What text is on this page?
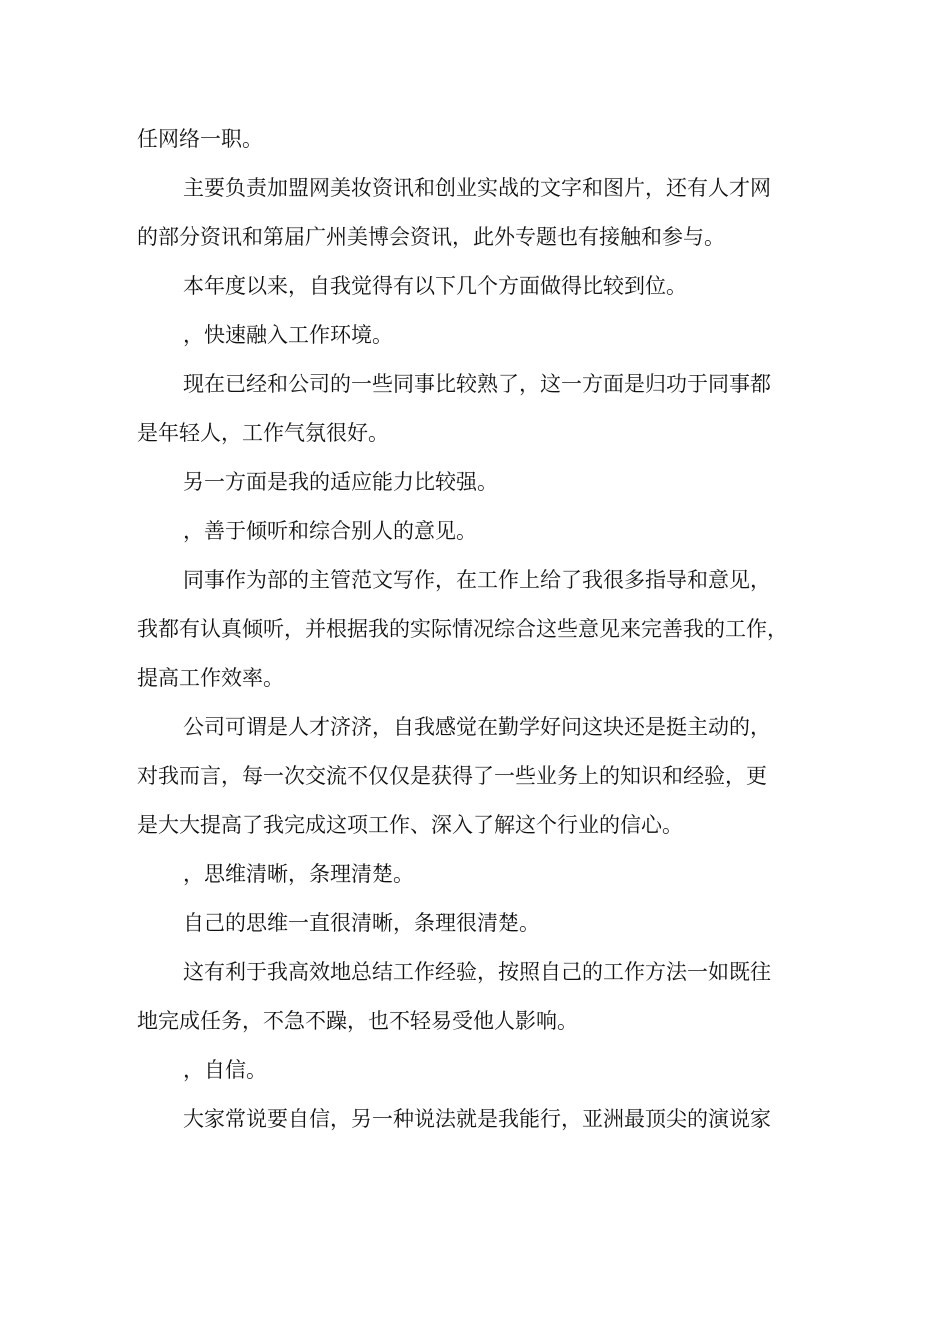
任网络一职。
主要负责加盟网美妆资讯和创业实战的文字和图片，还有人才网
的部分资讯和第届广州美博会资讯，此外专题也有接触和参与。
本年度以来，自我觉得有以下几个方面做得比较到位。
，快速融入工作环境。
现在已经和公司的一些同事比较熟了，这一方面是归功于同事都
是年轻人，工作气氛很好。
另一方面是我的适应能力比较强。
，善于倾听和综合别人的意见。
同事作为部的主管范文写作，在工作上给了我很多指导和意见，
我都有认真倾听，并根据我的实际情况综合这些意见来完善我的工作，
提高工作效率。
公司可谓是人才济济，自我感觉在勤学好问这块还是挺主动的，
对我而言，每一次交流不仅仅是获得了一些业务上的知识和经验，更
是大大提高了我完成这项工作、深入了解这个行业的信心。
，思维清晰，条理清楚。
自己的思维一直很清晰，条理很清楚。
这有利于我高效地总结工作经验，按照自己的工作方法一如既往
地完成任务，不急不躁，也不轻易受他人影响。
，自信。
大家常说要自信，另一种说法就是我能行，亚洲最顶尖的演说家
